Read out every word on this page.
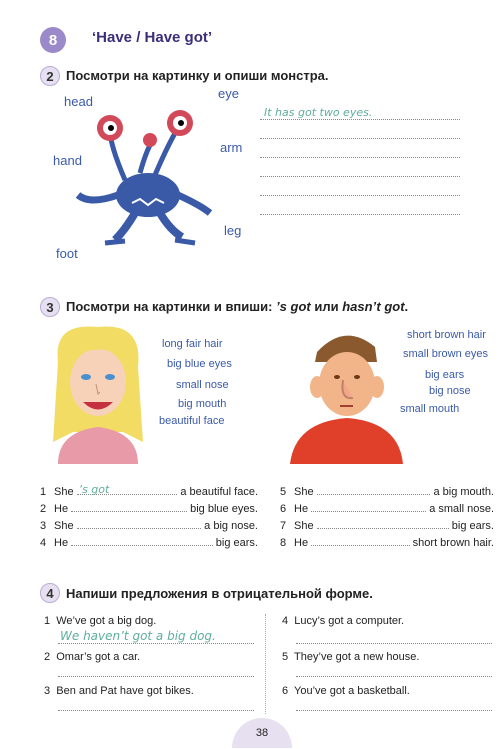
8	‘Have / Have got’
2 Посмотри на картинку и опиши монстра.
head
eye
hand
arm
leg
foot
It has got two eyes.
3 Посмотри на картинки и впиши: ’s got или hasn’t got.
long fair hair
big blue eyes
small nose
big mouth
beautiful face
short brown hair
small brown eyes
big ears
big nose
small mouth
1 She ’s got	a beautiful face.
2 He	big blue eyes.
3 She	a big nose.
4 He	big ears.
5 She	a big mouth.
6 He	a small nose.
7 She	big ears.
8 He	short brown hair.
4 Напиши предложения в отрицательной форме.
1 We’ve got a big dog.
We haven’t got a big dog.
2 Omar’s got a car.
3 Ben and Pat have got bikes.
4 Lucy’s got a computer.
5 They’ve got a new house.
6 You’ve got a basketball.
38
